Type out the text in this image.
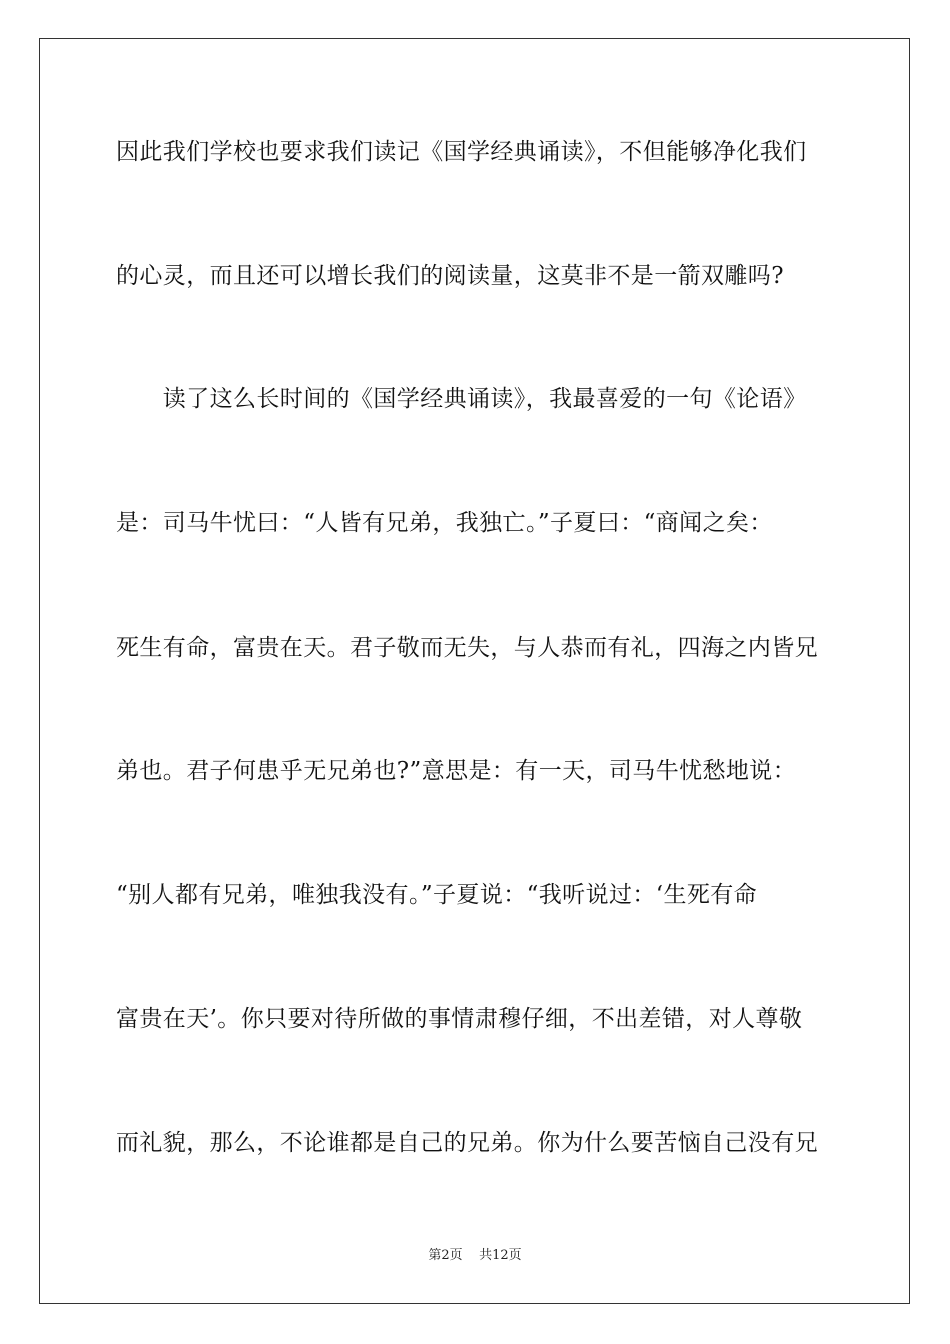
因此我们学校也要求我们读记《国学经典诵读》，不但能够净化我们
的心灵，而且还可以增长我们的阅读量，这莫非不是一箭双雕吗?
　　读了这么长时间的《国学经典诵读》，我最喜爱的一句《论语》
是：司马牛忧曰：“人皆有兄弟，我独亡。”子夏曰：“商闻之矣：
死生有命，富贵在天。君子敬而无失，与人恭而有礼，四海之内皆兄
弟也。君子何患乎无兄弟也?”意思是：有一天，司马牛忧愁地说：
“别人都有兄弟，唯独我没有。”子夏说：“我听说过：‘生死有命
富贵在天’。你只要对待所做的事情肃穆仔细，不出差错，对人尊敬
而礼貌，那么，不论谁都是自己的兄弟。你为什么要苦恼自己没有兄
第2页 共12页
